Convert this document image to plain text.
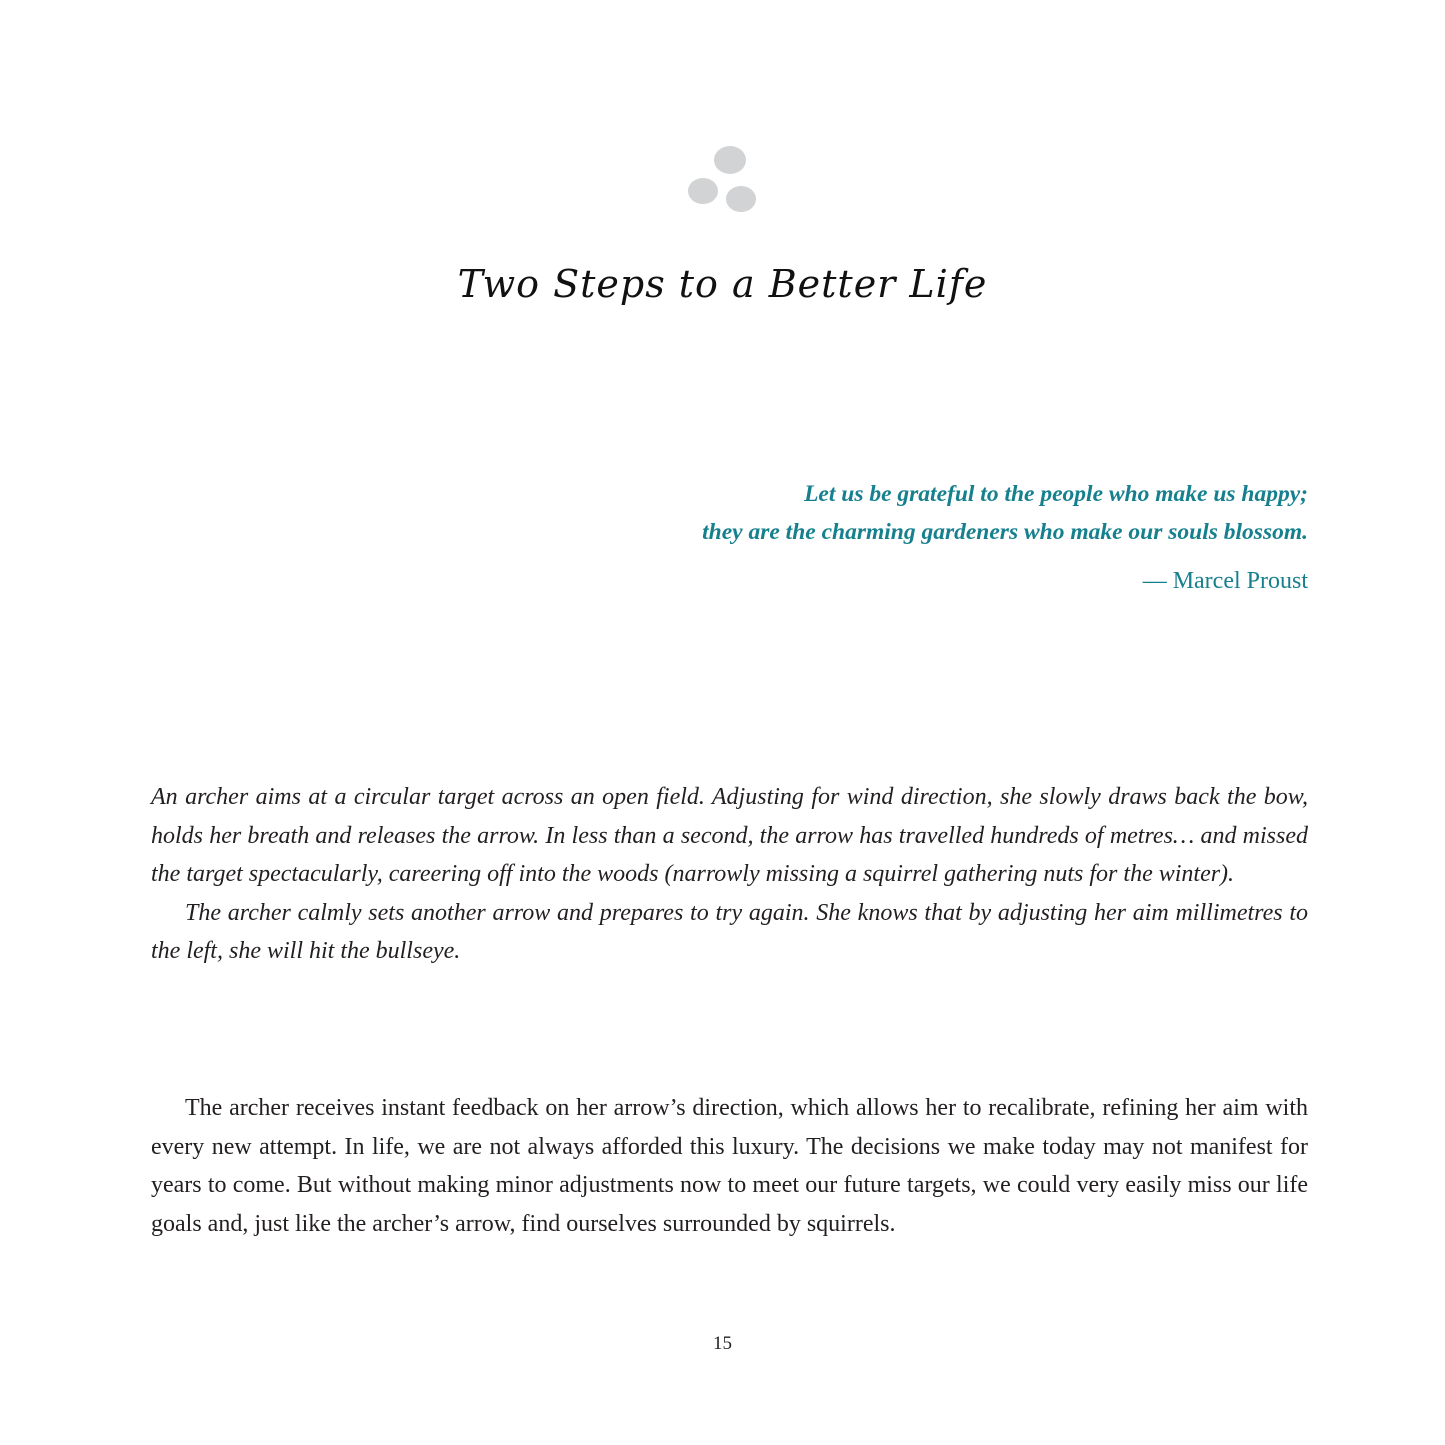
Two Steps to a Better Life
Let us be grateful to the people who make us happy;
they are the charming gardeners who make our souls blossom.
— Marcel Proust

An archer aims at a circular target across an open field. Adjusting for wind direction, she slowly draws back the bow, holds her breath and releases the arrow. In less than a second, the arrow has travelled hundreds of metres… and missed the target spectacularly, careering off into the woods (narrowly missing a squirrel gathering nuts for the winter).

The archer calmly sets another arrow and prepares to try again. She knows that by adjusting her aim millimetres to the left, she will hit the bullseye.

The archer receives instant feedback on her arrow’s direction, which allows her to recalibrate, refining her aim with every new attempt. In life, we are not always afforded this luxury. The decisions we make today may not manifest for years to come. But without making minor adjustments now to meet our future targets, we could very easily miss our life goals and, just like the archer’s arrow, find ourselves surrounded by squirrels.

15
